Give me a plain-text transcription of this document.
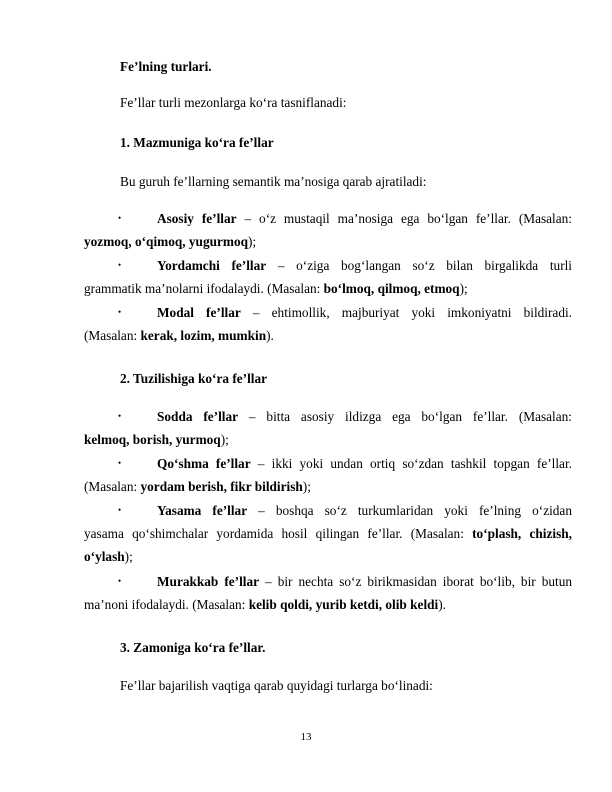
Fe’lning turlari.

Fe’llar turli mezonlarga ko‘ra tasniflanadi:

1. Mazmuniga ko‘ra fe’llar

Bu guruh fe’llarning semantik ma’nosiga qarab ajratiladi:

•	Asosiy fe’llar – o‘z mustaqil ma’nosiga ega bo‘lgan fe’llar. (Masalan:
yozmoq, o‘qimoq, yugurmoq);
•	Yordamchi fe’llar – o‘ziga bog‘langan so‘z bilan birgalikda turli
grammatik ma’nolarni ifodalaydi. (Masalan: bo‘lmoq, qilmoq, etmoq);
•	Modal fe’llar – ehtimollik, majburiyat yoki imkoniyatni bildiradi.
(Masalan: kerak, lozim, mumkin).

2. Tuzilishiga ko‘ra fe’llar

•	Sodda fe’llar – bitta asosiy ildizga ega bo‘lgan fe’llar. (Masalan:
kelmoq, borish, yurmoq);
•	Qo‘shma fe’llar – ikki yoki undan ortiq so‘zdan tashkil topgan fe’llar.
(Masalan: yordam berish, fikr bildirish);
•	Yasama fe’llar – boshqa so‘z turkumlaridan yoki fe’lning o‘zidan
yasama qo‘shimchalar yordamida hosil qilingan fe’llar. (Masalan: to‘plash, chizish,
o‘ylash);
•	Murakkab fe’llar – bir nechta so‘z birikmasidan iborat bo‘lib, bir butun
ma’noni ifodalaydi. (Masalan: kelib qoldi, yurib ketdi, olib keldi).

3. Zamoniga ko‘ra fe’llar.

Fe’llar bajarilish vaqtiga qarab quyidagi turlarga bo‘linadi:

13
